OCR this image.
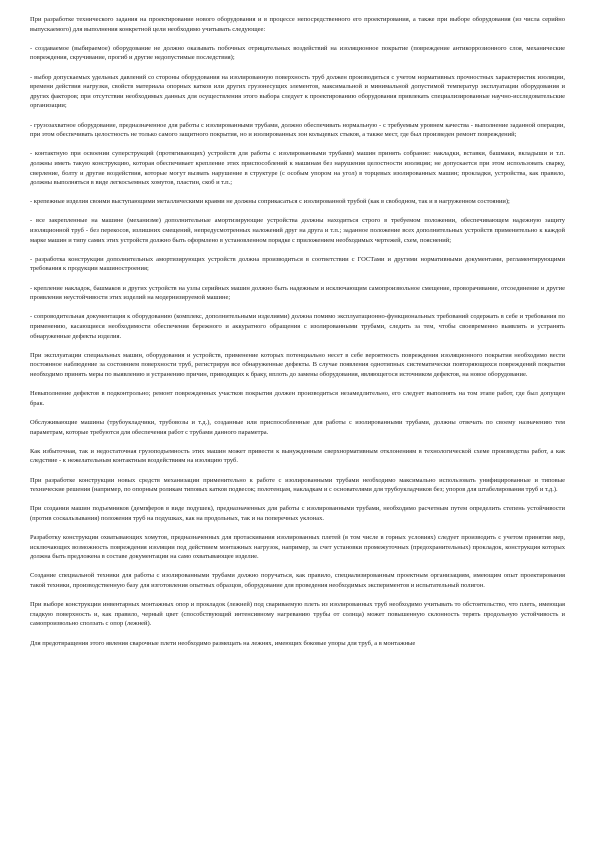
При разработке технического задания на проектирование нового оборудования и в процессе непосредственного его проектирования, а также при выборе оборудования (из числа серийно выпускаемого) для выполнения конкретной цели необходимо учитывать следующее:

- создаваемое (выбираемое) оборудование не должно оказывать побочных отрицательных воздействий на изоляционное покрытие (повреждение антикоррозионного слоя, механические повреждения, скручивание, прогиб и другие недопустимые последствия);

- выбор допускаемых удельных давлений со стороны оборудования на изолированную поверхность труб должен производиться с учетом нормативных прочностных характеристик изоляции, времени действия нагрузки, свойств материала опорных катков или других грузонесущих элементов, максимальной и минимальной допустимой температур эксплуатации оборудования и других факторов; при отсутствии необходимых данных для осуществления этого выбора следует к проектированию оборудования привлекать специализированные научно-исследовательские организации;

- грузозахватное оборудование, предназначенное для работы с изолированными трубами, должно обеспечивать нормальную - с требуемым уровнем качества - выполнение заданной операции, при этом обеспечивать целостность не только самого защитного покрытия, но и изолированных зон кольцевых стыков, а также мест, где был произведен ремонт повреждений;

- контактную при освоении суперструкций (протягивающих) устройств для работы с изолированными трубами) машин принять собрание: накладки, вставки, башмаки, вкладыши и т.п. должны иметь такую конструкцию, которая обеспечивает крепление этих приспособлений к машинам без нарушения целостности изоляции; не допускается при этом использовать сварку, сверление, болту и другие воздействия, которые могут вызвать нарушение в структуре (с особым упором на угол) в торцевых изолированных машин; прокладки, устройства, как правило, должны выполняться в виде легкосъемных хомутов, пластин, скоб и т.п.;

- крепежные изделия своими выступающими металлическими краями не должны соприкасаться с изолированной трубой (как в свободном, так и в нагруженном состоянии);

- все закрепленные на машине (механизме) дополнительные амортизирующие устройства должны находиться строго в требуемом положении, обеспечивающем надежную защиту изоляционной труб - без перекосов, излишних смещений, непредусмотренных наложений друг на друга и т.п.; заданное положение всех дополнительных устройств применительно к каждой марке машин и типу самих этих устройств должно быть оформлено в установленном порядке с приложением необходимых чертежей, схем, пояснений;

- разработка конструкции дополнительных амортизирующих устройств должна производиться в соответствии с ГОСТами и другими нормативными документами, регламентирующими требования к продукции машиностроения;

- крепление накладок, башмаков и других устройств на узлы серийных машин должно быть надежным и исключающим самопроизвольное смещение, проворачивание, отсоединение и другие проявления неустойчивости этих изделий на модернизируемой машине;

- сопроводительная документация к оборудованию (комплекс, дополнительными изделиями) должна помимо эксплуатационно-функциональных требований содержать в себе и требования по применению, касающиеся необходимости обеспечения бережного и аккуратного обращения с изолированными трубами, следить за тем, чтобы своевременно выявлять и устранять обнаруженные дефекты изделия.

При эксплуатации специальных машин, оборудования и устройств, применение которых потенциально несет в себе вероятность повреждения изоляционного покрытия необходимо вести постоянное наблюдение за состоянием поверхности труб, регистрируя все обнаруженные дефекты. В случае появления однотипных систематически повторяющихся повреждений покрытия необходимо принять меры по выявлению и устранению причин, приводящих к браку, вплоть до замены оборудования, являющегося источником дефектов, на новое оборудование.

Невыполнение дефектов в подконтрольно; ремонт поврежденных участков покрытия должен производиться незамедлительно, его следует выполнять на том этапе работ, где был допущен брак.

Обслуживающие машины (трубоукладчики, трубовозы и т.д.), созданные или приспособленные для работы с изолированными трубами, должны отвечать по своему назначению тем параметрам, которые требуются для обеспечения работ с трубами данного параметра.

Как избыточная, так и недостаточная грузоподъемность этих машин может привести к вынужденным сверхнормативным отклонениям в технологической схеме производства работ, а как следствие - к нежелательным контактным воздействиям на изоляцию труб.

При разработке конструкции новых средств механизации применительно к работе с изолированными трубами необходимо максимально использовать унифицированные и типовые технические решения (например, по опорным роликам типовых катков подвесок; полотенцам, накладкам и с основателями для трубоукладчиков без; упоров для штабелирования труб и т.д.).

При создании машин подъемников (демпферов в виде подушек), предназначенных для работы с изолированными трубами, необходимо расчетным путем определить степень устойчивости (против соскальзывания) положения труб на подушках, как на продольных, так и на поперечных уклонах.

Разработку конструкции охватывающих хомутов, предназначенных для протаскивания изолированных плетей (в том числе в горных условиях) следует производить с учетом принятия мер, исключающих возможность повреждения изоляции под действием монтажных нагрузок, например, за счет установки промежуточных (предохранительных) прокладок, конструкция которых должна быть предложена в составе документации на само охватывающее изделие.

Создание специальной техники для работы с изолированными трубами должно поручаться, как правило, специализированным проектным организациям, имеющим опыт проектирования такой техники, производственную базу для изготовления опытных образцов, оборудование для проведения необходимых экспериментов и испытательный полигон.

При выборе конструкции инвентарных монтажных опор и прокладок (лежней) под свариваемую плеть из изолированных труб необходимо учитывать то обстоятельство, что плеть, имеющая гладкую поверхность и, как правило, черный цвет (способствующий интенсивному нагреванию трубы от солнца) может повышенную склонность терять продольную устойчивость и самопроизвольно сползать с опор (лежней).

Для предотвращения этого явления сварочные плети необходимо размещать на лежнях, имеющих боковые упоры для труб, а в монтажные
